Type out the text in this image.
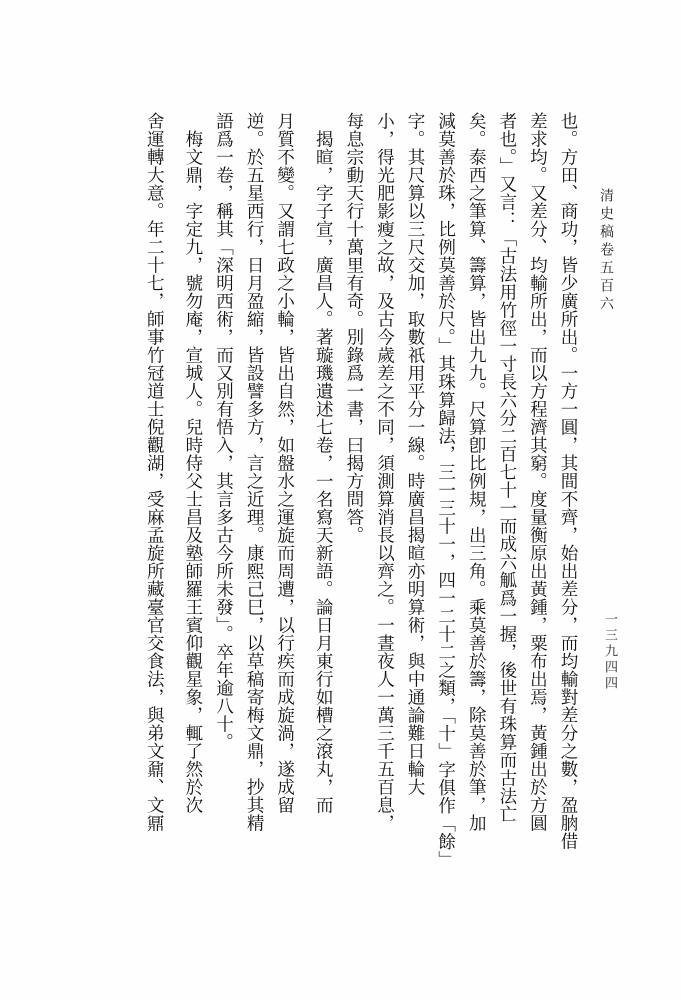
清史稿卷五百六
一三九四四
也。方田、商功，皆少廣所出。一方一圓，其間不齊，始出差分，而均輸對差分之數，盈朒借
差求均。又差分、均輸所出，而以方程濟其窮。度量衡原出黃鍾，粟布出焉，黃鍾出於方圓
者也。」又言：「古法用竹徑一寸長六分二百七十一而成六觚爲一握，後世有珠算而古法亡
矣。泰西之筆算、籌算，皆出九九。尺算卽比例規，出三角。乘莫善於籌，除莫善於筆，加
減莫善於珠，比例莫善於尺。」其珠算歸法，三一三十一，四一二十二之類，「十」字俱作「餘」
字。其尺算以三尺交加，取數祇用平分一線。時廣昌揭暄亦明算術，與中通論難日輪大
小，得光肥影瘦之故，及古今歲差之不同，須測算消長以齊之。一晝夜人一萬三千五百息，
每息宗動天行十萬里有奇。別錄爲一書，曰揭方問答。
揭暄，字子宣，廣昌人。著璇璣遺述七卷，一名寫天新語。論日月東行如槽之滾丸，而
月質不變。又謂七政之小輪，皆出自然，如盤水之運旋而周遭，以行疾而成旋渦，遂成留
逆。於五星西行，日月盈縮，皆設譬多方，言之近理。康熙己巳，以草稿寄梅文鼎，抄其精
語爲一卷，稱其「深明西術，而又別有悟入，其言多古今所未發」。卒年逾八十。
梅文鼎，字定九，號勿庵，宣城人。兒時侍父士昌及塾師羅王賓仰觀星象，輒了然於次
舍運轉大意。年二十七，師事竹冠道士倪觀湖，受麻孟旋所藏臺官交食法，與弟文鼐、文鼏
